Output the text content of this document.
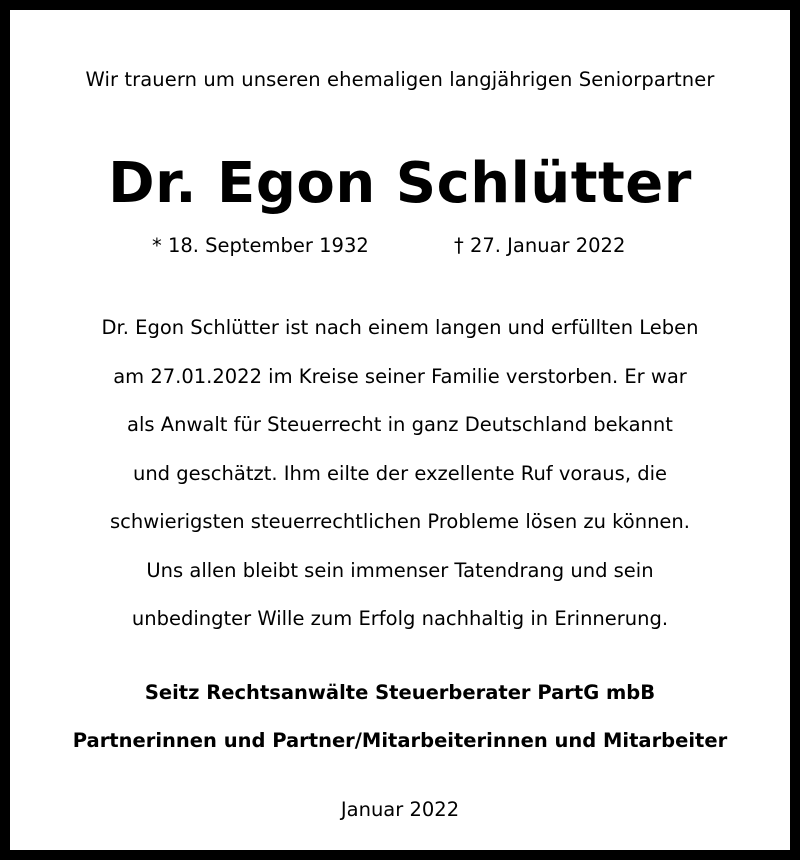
Wir trauern um unseren ehemaligen langjährigen Seniorpartner
Dr. Egon Schlütter
* 18. September 1932	† 27. Januar 2022
Dr. Egon Schlütter ist nach einem langen und erfüllten Leben
am 27.01.2022 im Kreise seiner Familie verstorben. Er war
als Anwalt für Steuerrecht in ganz Deutschland bekannt
und geschätzt. Ihm eilte der exzellente Ruf voraus, die
schwierigsten steuerrechtlichen Probleme lösen zu können.
Uns allen bleibt sein immenser Tatendrang und sein
unbedingter Wille zum Erfolg nachhaltig in Erinnerung.
Seitz Rechtsanwälte Steuerberater PartG mbB
Partnerinnen und Partner/Mitarbeiterinnen und Mitarbeiter
Januar 2022
